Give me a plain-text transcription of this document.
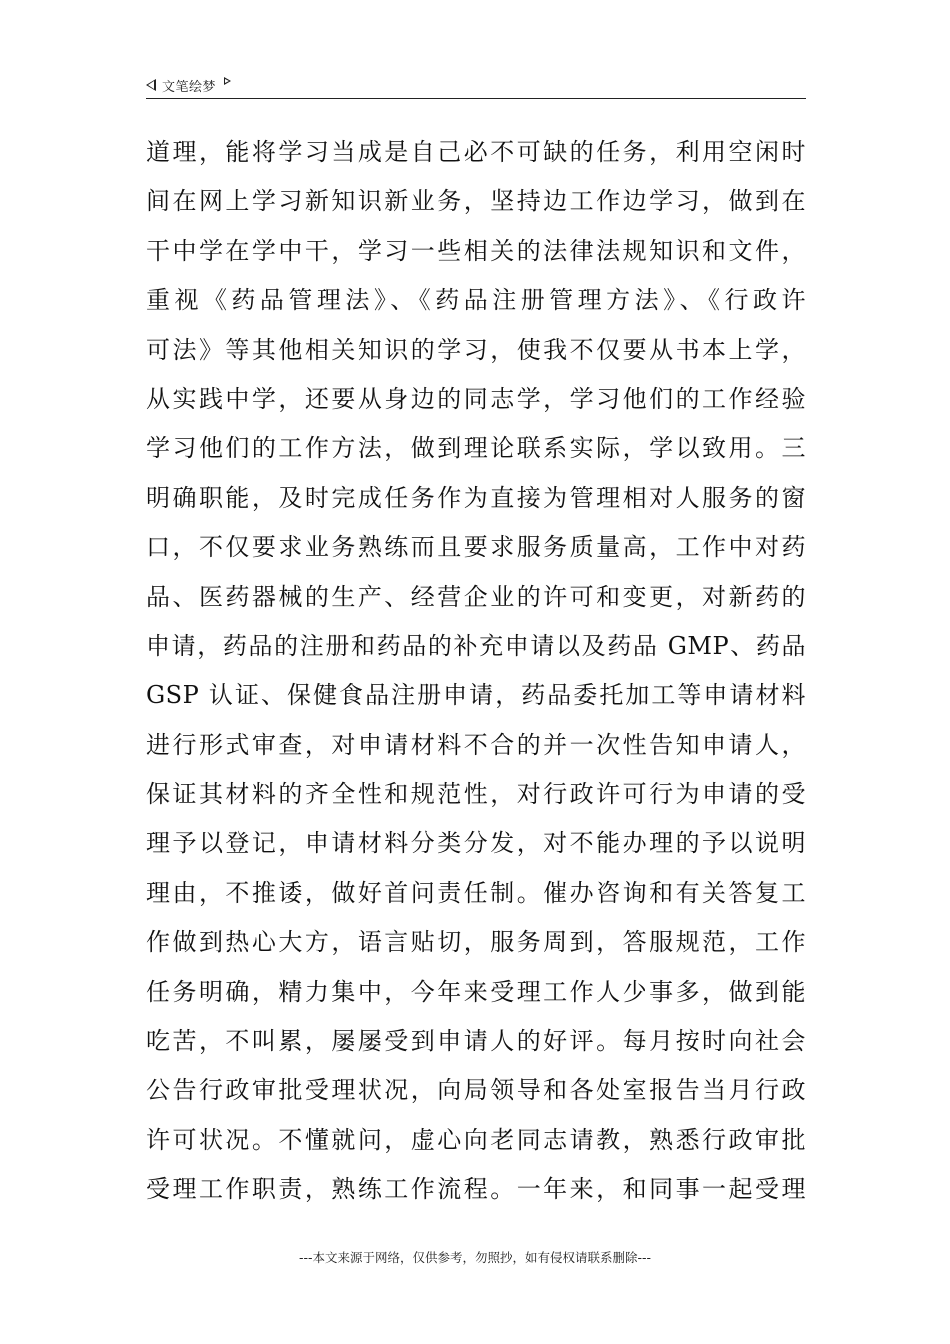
文笔绘梦
道理，能将学习当成是自己必不可缺的任务，利用空闲时
间在网上学习新知识新业务，坚持边工作边学习，做到在
干中学在学中干，学习一些相关的法律法规知识和文件，
重视《药品管理法》、《药品注册管理方法》、《行政许
可法》等其他相关知识的学习，使我不仅要从书本上学，
从实践中学，还要从身边的同志学，学习他们的工作经验
学习他们的工作方法，做到理论联系实际，学以致用。三
明确职能，及时完成任务作为直接为管理相对人服务的窗
口，不仅要求业务熟练而且要求服务质量高，工作中对药
品、医药器械的生产、经营企业的许可和变更，对新药的
申请，药品的注册和药品的补充申请以及药品 GMP、药品
GSP 认证、保健食品注册申请，药品委托加工等申请材料
进行形式审查，对申请材料不合的并一次性告知申请人，
保证其材料的齐全性和规范性，对行政许可行为申请的受
理予以登记，申请材料分类分发，对不能办理的予以说明
理由，不推诿，做好首问责任制。催办咨询和有关答复工
作做到热心大方，语言贴切，服务周到，答服规范，工作
任务明确，精力集中，今年来受理工作人少事多，做到能
吃苦，不叫累，屡屡受到申请人的好评。每月按时向社会
公告行政审批受理状况，向局领导和各处室报告当月行政
许可状况。不懂就问，虚心向老同志请教，熟悉行政审批
受理工作职责，熟练工作流程。一年来，和同事一起受理
---本文来源于网络，仅供参考，勿照抄，如有侵权请联系删除---
